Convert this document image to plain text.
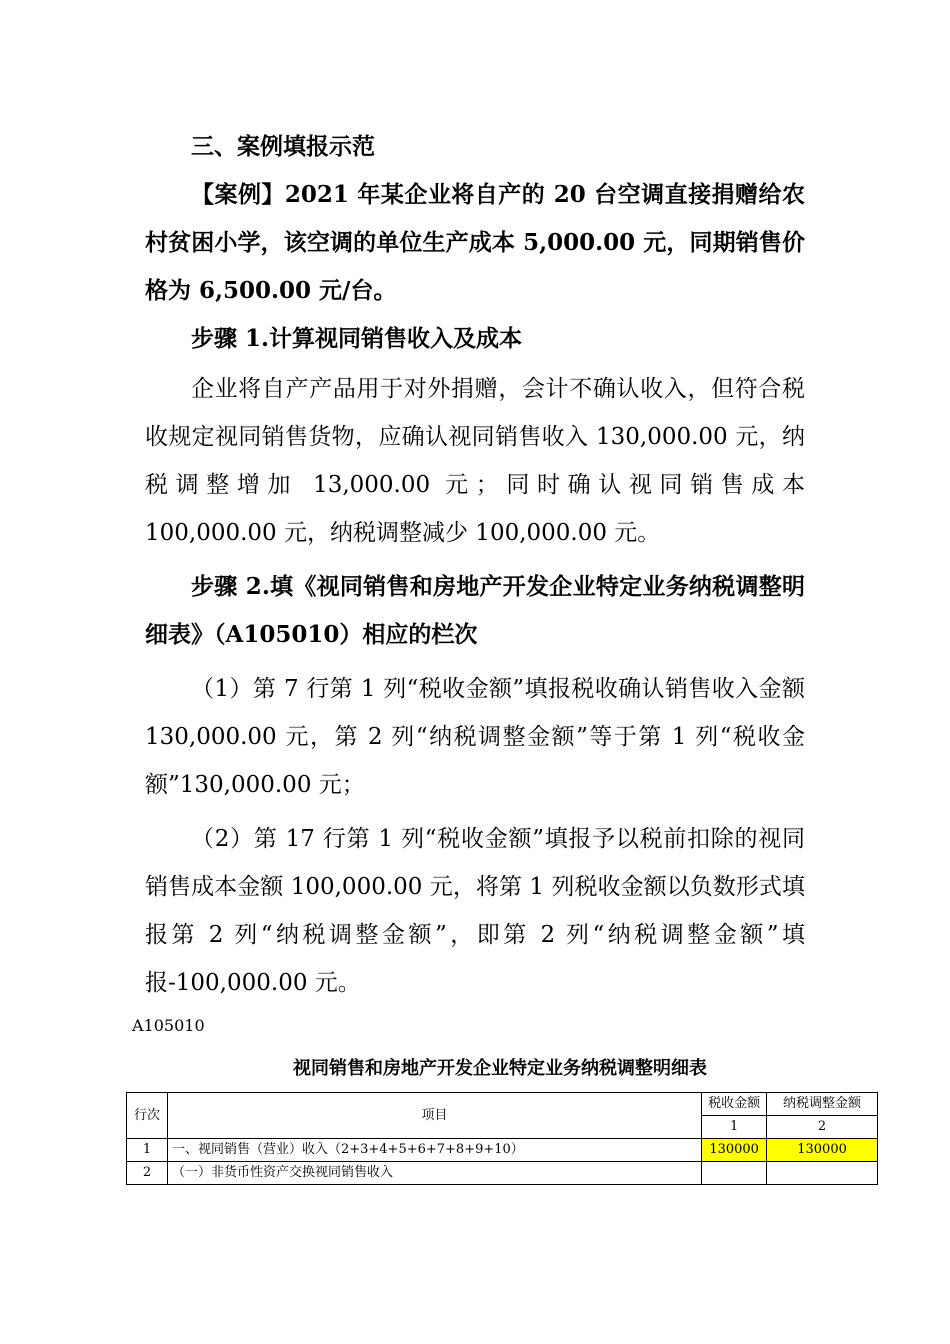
三、案例填报示范

【案例】2021 年某企业将自产的 20 台空调直接捐赠给农村贫困小学，该空调的单位生产成本 5,000.00 元，同期销售价格为 6,500.00 元/台。

步骤 1.计算视同销售收入及成本

企业将自产产品用于对外捐赠，会计不确认收入，但符合税收规定视同销售货物，应确认视同销售收入 130,000.00 元，纳税调整增加 13,000.00 元；同时确认视同销售成本 100,000.00 元，纳税调整减少 100,000.00 元。

步骤 2.填《视同销售和房地产开发企业特定业务纳税调整明细表》（A105010）相应的栏次

（1）第 7 行第 1 列“税收金额”填报税收确认销售收入金额 130,000.00 元，第 2 列“纳税调整金额”等于第 1 列“税收金额”130,000.00 元；

（2）第 17 行第 1 列“税收金额”填报予以税前扣除的视同销售成本金额 100,000.00 元，将第 1 列税收金额以负数形式填报第 2 列“纳税调整金额”，即第 2 列“纳税调整金额”填报-100,000.00 元。

A105010
视同销售和房地产开发企业特定业务纳税调整明细表
行次	项目	税收金额	纳税调整金额
		1	2
1	一、视同销售（营业）收入（2+3+4+5+6+7+8+9+10）	130000	130000
2	（一）非货币性资产交换视同销售收入		
